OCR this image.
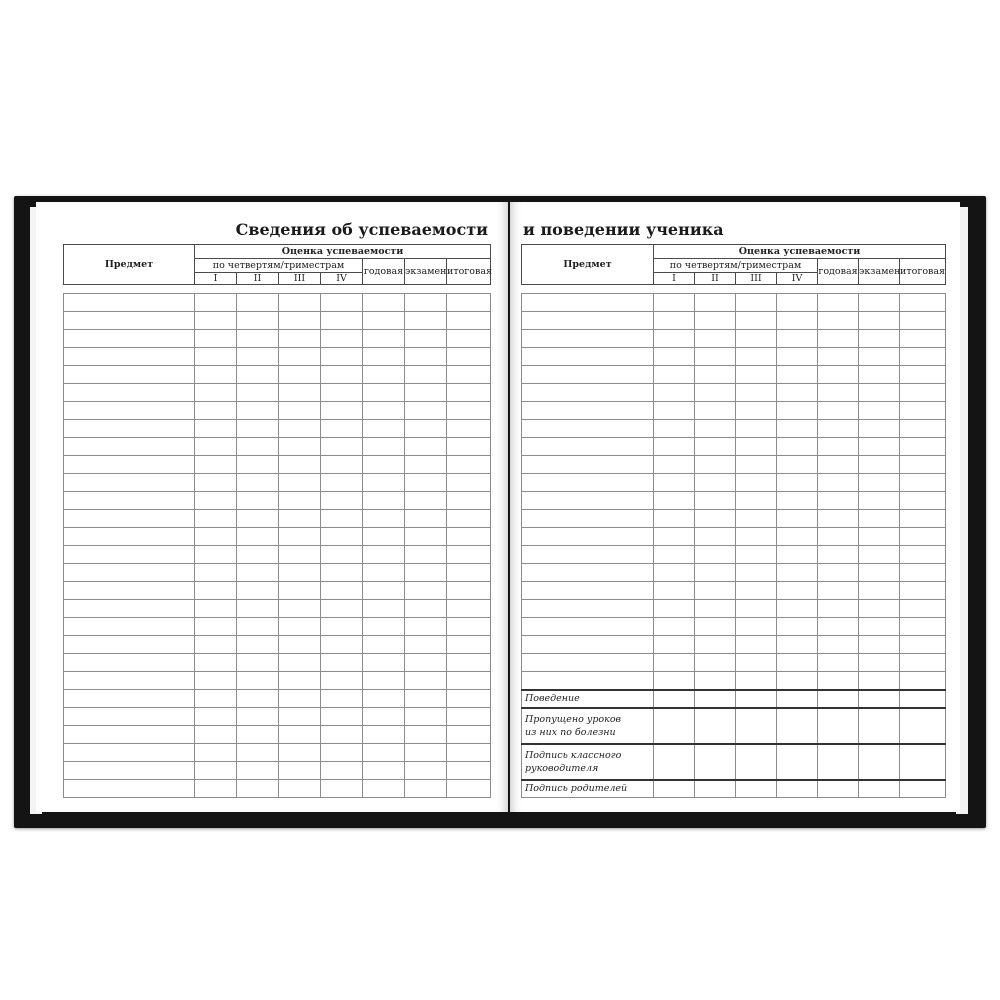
Сведения об успеваемости и поведении ученика
Предмет	Оценка успеваемости						
	по четвертям/триместрам				годовая	экзамен	итоговая
	I	II	III	IV			

Предмет	Оценка успеваемости						
	по четвертям/триместрам				годовая	экзамен	итоговая
	I	II	III	IV			

Поведение							

Пропущено уроков
из них по болезни							

Подпись классного
руководителя							

Подпись родителей							
